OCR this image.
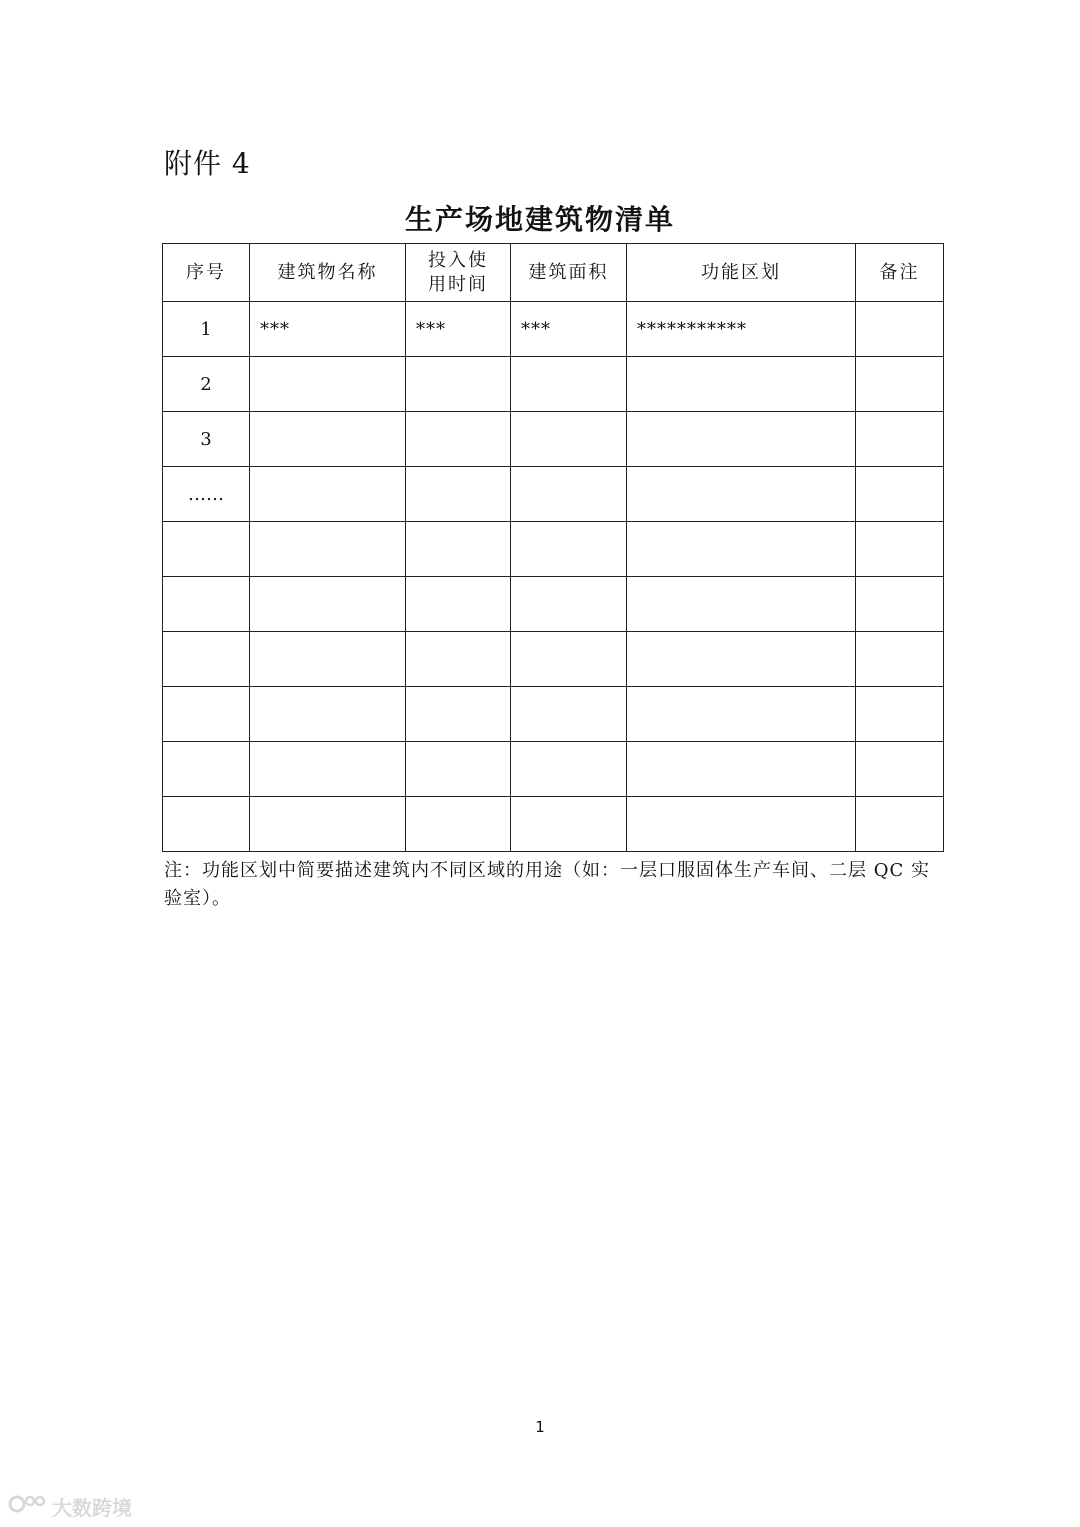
附件 4
生产场地建筑物清单
序号	建筑物名称	投入使用时间	建筑面积	功能区划	备注
1	***	***	***	***********	
2					
3					
……					

注：功能区划中简要描述建筑内不同区域的用途（如：一层口服固体生产车间、二层 QC 实验室）。
1
大数跨境
